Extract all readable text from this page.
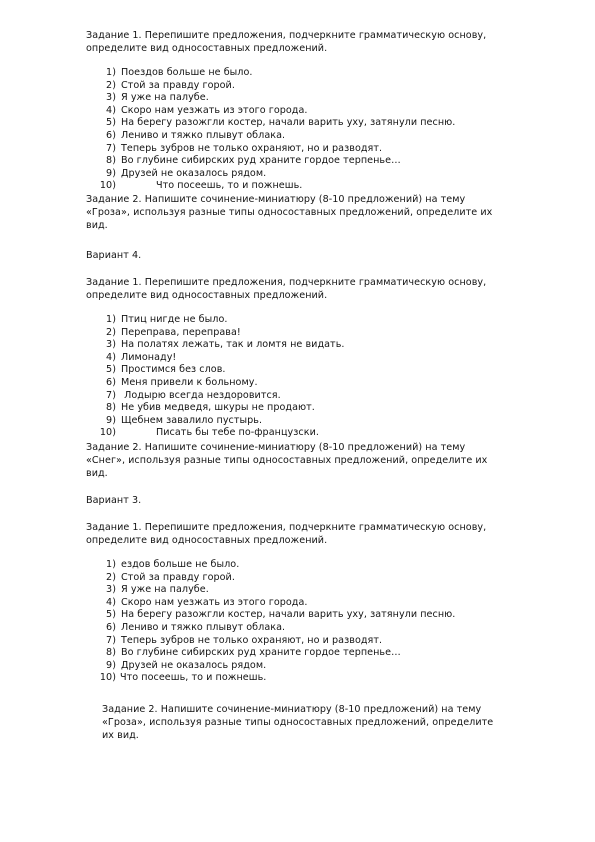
Задание 1. Перепишите предложения, подчеркните грамматическую основу,
определите вид односоставных предложений.
1) Поездов больше не было.
2) Стой за правду горой.
3) Я уже на палубе.
4) Скоро нам уезжать из этого города.
5) На берегу разожгли костер, начали варить уху, затянули песню.
6) Лениво и тяжко плывут облака.
7) Теперь зубров не только охраняют, но и разводят.
8) Во глубине сибирских руд храните гордое терпенье…
9) Друзей не оказалось рядом.
10)	Что посеешь, то и пожнешь.
Задание 2. Напишите сочинение-миниатюру (8-10 предложений) на тему
«Гроза», используя разные типы односоставных предложений, определите их
вид.
Вариант 4.
Задание 1. Перепишите предложения, подчеркните грамматическую основу,
определите вид односоставных предложений.
1) Птиц нигде не было.
2) Переправа, переправа!
3) На полатях лежать, так и ломтя не видать.
4) Лимонаду!
5) Простимся без слов.
6) Меня привели к больному.
7) Лодырю всегда нездоровится.
8) Не убив медведя, шкуры не продают.
9) Щебнем завалило пустырь.
10)	Писать бы тебе по-французски.
Задание 2. Напишите сочинение-миниатюру (8-10 предложений) на тему
«Снег», используя разные типы односоставных предложений, определите их
вид.
Вариант 3.
Задание 1. Перепишите предложения, подчеркните грамматическую основу,
определите вид односоставных предложений.
1) ездов больше не было.
2) Стой за правду горой.
3) Я уже на палубе.
4) Скоро нам уезжать из этого города.
5) На берегу разожгли костер, начали варить уху, затянули песню.
6) Лениво и тяжко плывут облака.
7) Теперь зубров не только охраняют, но и разводят.
8) Во глубине сибирских руд храните гордое терпенье…
9) Друзей не оказалось рядом.
10) Что посеешь, то и пожнешь.
Задание 2. Напишите сочинение-миниатюру (8-10 предложений) на тему
«Гроза», используя разные типы односоставных предложений, определите
их вид.
